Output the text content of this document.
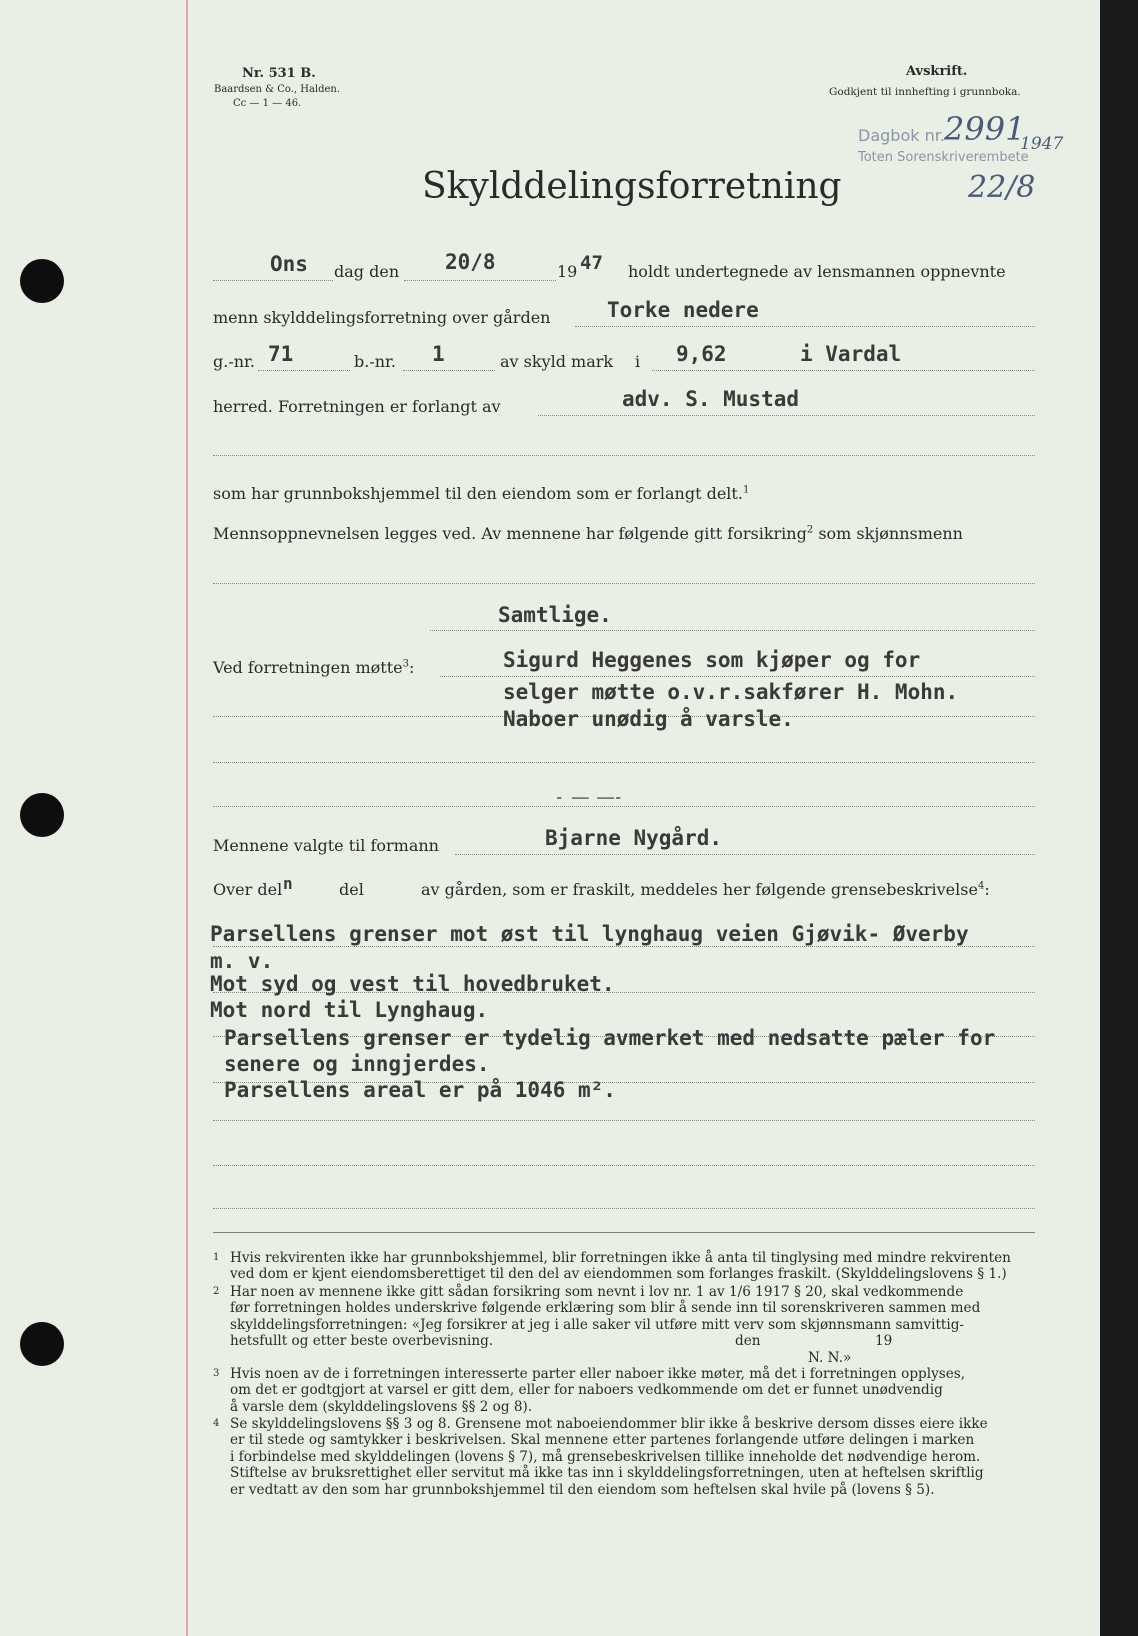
Nr. 531 B.
Baardsen & Co., Halden.
Cc — 1 — 46.
Avskrift.
Godkjent til innhefting i grunnboka.
Dagbok nr. 2991
1947
Toten Sorenskriverembete
22/8
Skylddelingsforretning
Ons dag den 20/8	19 47 holdt undertegnede av lensmannen oppnevnte
menn skylddelingsforretning over gården	Torke nedere
g.-nr. 71	b.-nr. 1	av skyld mark i 9,62	i Vardal
herred. Forretningen er forlangt av	adv. S. Mustad
som har grunnbokshjemmel til den eiendom som er forlangt delt.$^1$
Mennsoppnevnelsen legges ved. Av mennene har følgende gitt forsikring$^2$ som skjønnsmenn
Samtlige.
Ved forretningen møtte$^3$:	Sigurd Heggenes som kjøper og for
selger møtte o.v.r.sakfører H. Mohn.
Naboer unødig å varsle.
- —— ——-
Mennene valgte til formann	Bjarne Nygård.
Over del n	del	av gården, som er fraskilt, meddeles her følgende grensebeskrivelse$^4$:
Parsellens grenser mot øst til lynghaug veien Gjøvik- Øverby
m. v.
Mot syd og vest til hovedbruket.
Mot nord til Lynghaug.
Parsellens grenser er tydelig avmerket med nedsatte pæler for
senere og inngjerdes.
Parsellens areal er på 1046 m².
1 Hvis rekvirenten ikke har grunnbokshjemmel, blir forretningen ikke å anta til tinglysing med mindre rekvirenten

ved dom er kjent eiendomsberettiget til den del av eiendommen som forlanges fraskilt. (Skylddelingslovens § 1.)

2 Har noen av mennene ikke gitt sådan forsikring som nevnt i lov nr. 1 av 1/6 1917 § 20, skal vedkommende

før forretningen holdes underskrive følgende erklæring som blir å sende inn til sorenskriveren sammen med

skylddelingsforretningen: «Jeg forsikrer at jeg i alle saker vil utføre mitt verv som skjønnsmann samvittig-

hetsfullt og etter beste overbevisning.	den	19

N. N.»

3 Hvis noen av de i forretningen interesserte parter eller naboer ikke møter, må det i forretningen opplyses,

om det er godtgjort at varsel er gitt dem, eller for naboers vedkommende om det er funnet unødvendig

å varsle dem (skylddelingslovens §§ 2 og 8).

4 Se skylddelingslovens §§ 3 og 8. Grensene mot naboeiendommer blir ikke å beskrive dersom disses eiere ikke

er til stede og samtykker i beskrivelsen. Skal mennene etter partenes forlangende utføre delingen i marken

i forbindelse med skylddelingen (lovens § 7), må grensebeskrivelsen tillike inneholde det nødvendige herom.

Stiftelse av bruksrettighet eller servitut må ikke tas inn i skylddelingsforretningen, uten at heftelsen skriftlig

er vedtatt av den som har grunnbokshjemmel til den eiendom som heftelsen skal hvile på (lovens § 5).
